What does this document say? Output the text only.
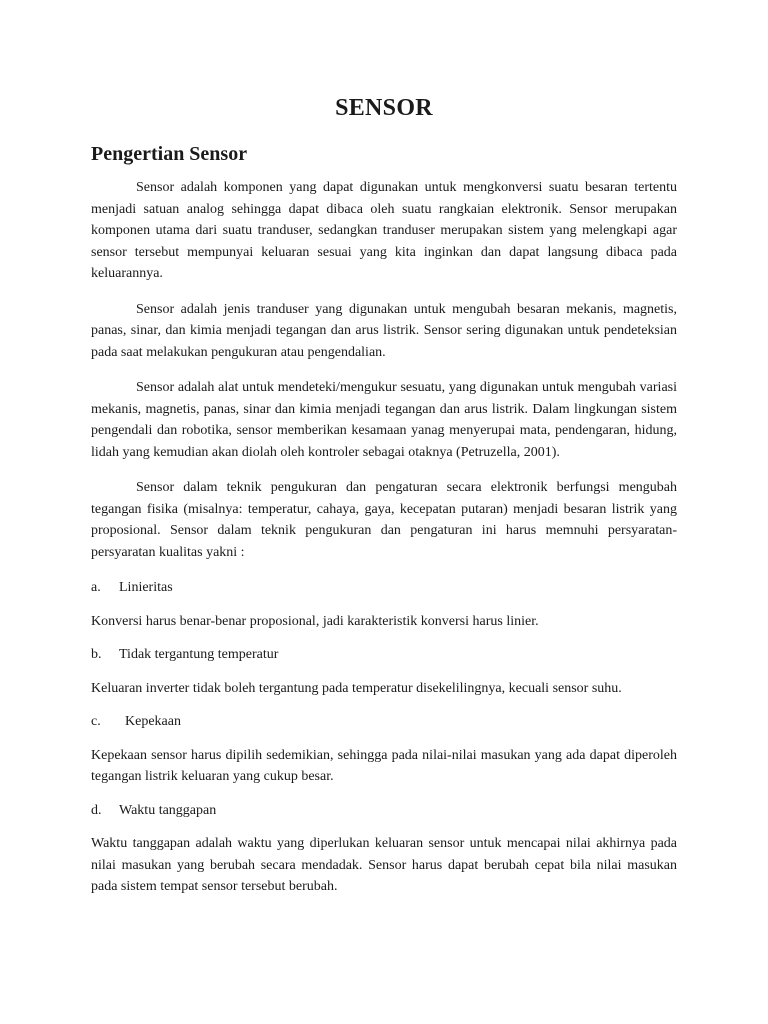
SENSOR
Pengertian Sensor

Sensor adalah komponen yang dapat digunakan untuk mengkonversi suatu besaran tertentu menjadi satuan analog sehingga dapat dibaca oleh suatu rangkaian elektronik. Sensor merupakan komponen utama dari suatu tranduser, sedangkan tranduser merupakan sistem yang melengkapi agar sensor tersebut mempunyai keluaran sesuai yang kita inginkan dan dapat langsung dibaca pada keluarannya.

Sensor adalah jenis tranduser yang digunakan untuk mengubah besaran mekanis, magnetis, panas, sinar, dan kimia menjadi tegangan dan arus listrik. Sensor sering digunakan untuk pendeteksian pada saat melakukan pengukuran atau pengendalian.

Sensor adalah alat untuk mendeteki/mengukur sesuatu, yang digunakan untuk mengubah variasi mekanis, magnetis, panas, sinar dan kimia menjadi tegangan dan arus listrik. Dalam lingkungan sistem pengendali dan robotika, sensor memberikan kesamaan yanag menyerupai mata, pendengaran, hidung, lidah yang kemudian akan diolah oleh kontroler sebagai otaknya (Petruzella, 2001).

Sensor dalam teknik pengukuran dan pengaturan secara elektronik berfungsi mengubah tegangan fisika (misalnya: temperatur, cahaya, gaya, kecepatan putaran) menjadi besaran listrik yang proposional. Sensor dalam teknik pengukuran dan pengaturan ini harus memnuhi persyaratan-persyaratan kualitas yakni :

a.	Linieritas

Konversi harus benar-benar proposional, jadi karakteristik konversi harus linier.

b.	Tidak tergantung temperatur

Keluaran inverter tidak boleh tergantung pada temperatur disekelilingnya, kecuali sensor suhu.

c.	Kepekaan

Kepekaan sensor harus dipilih sedemikian, sehingga pada nilai-nilai masukan yang ada dapat diperoleh tegangan listrik keluaran yang cukup besar.

d.	Waktu tanggapan

Waktu tanggapan adalah waktu yang diperlukan keluaran sensor untuk mencapai nilai akhirnya pada nilai masukan yang berubah secara mendadak. Sensor harus dapat berubah cepat bila nilai masukan pada sistem tempat sensor tersebut berubah.
